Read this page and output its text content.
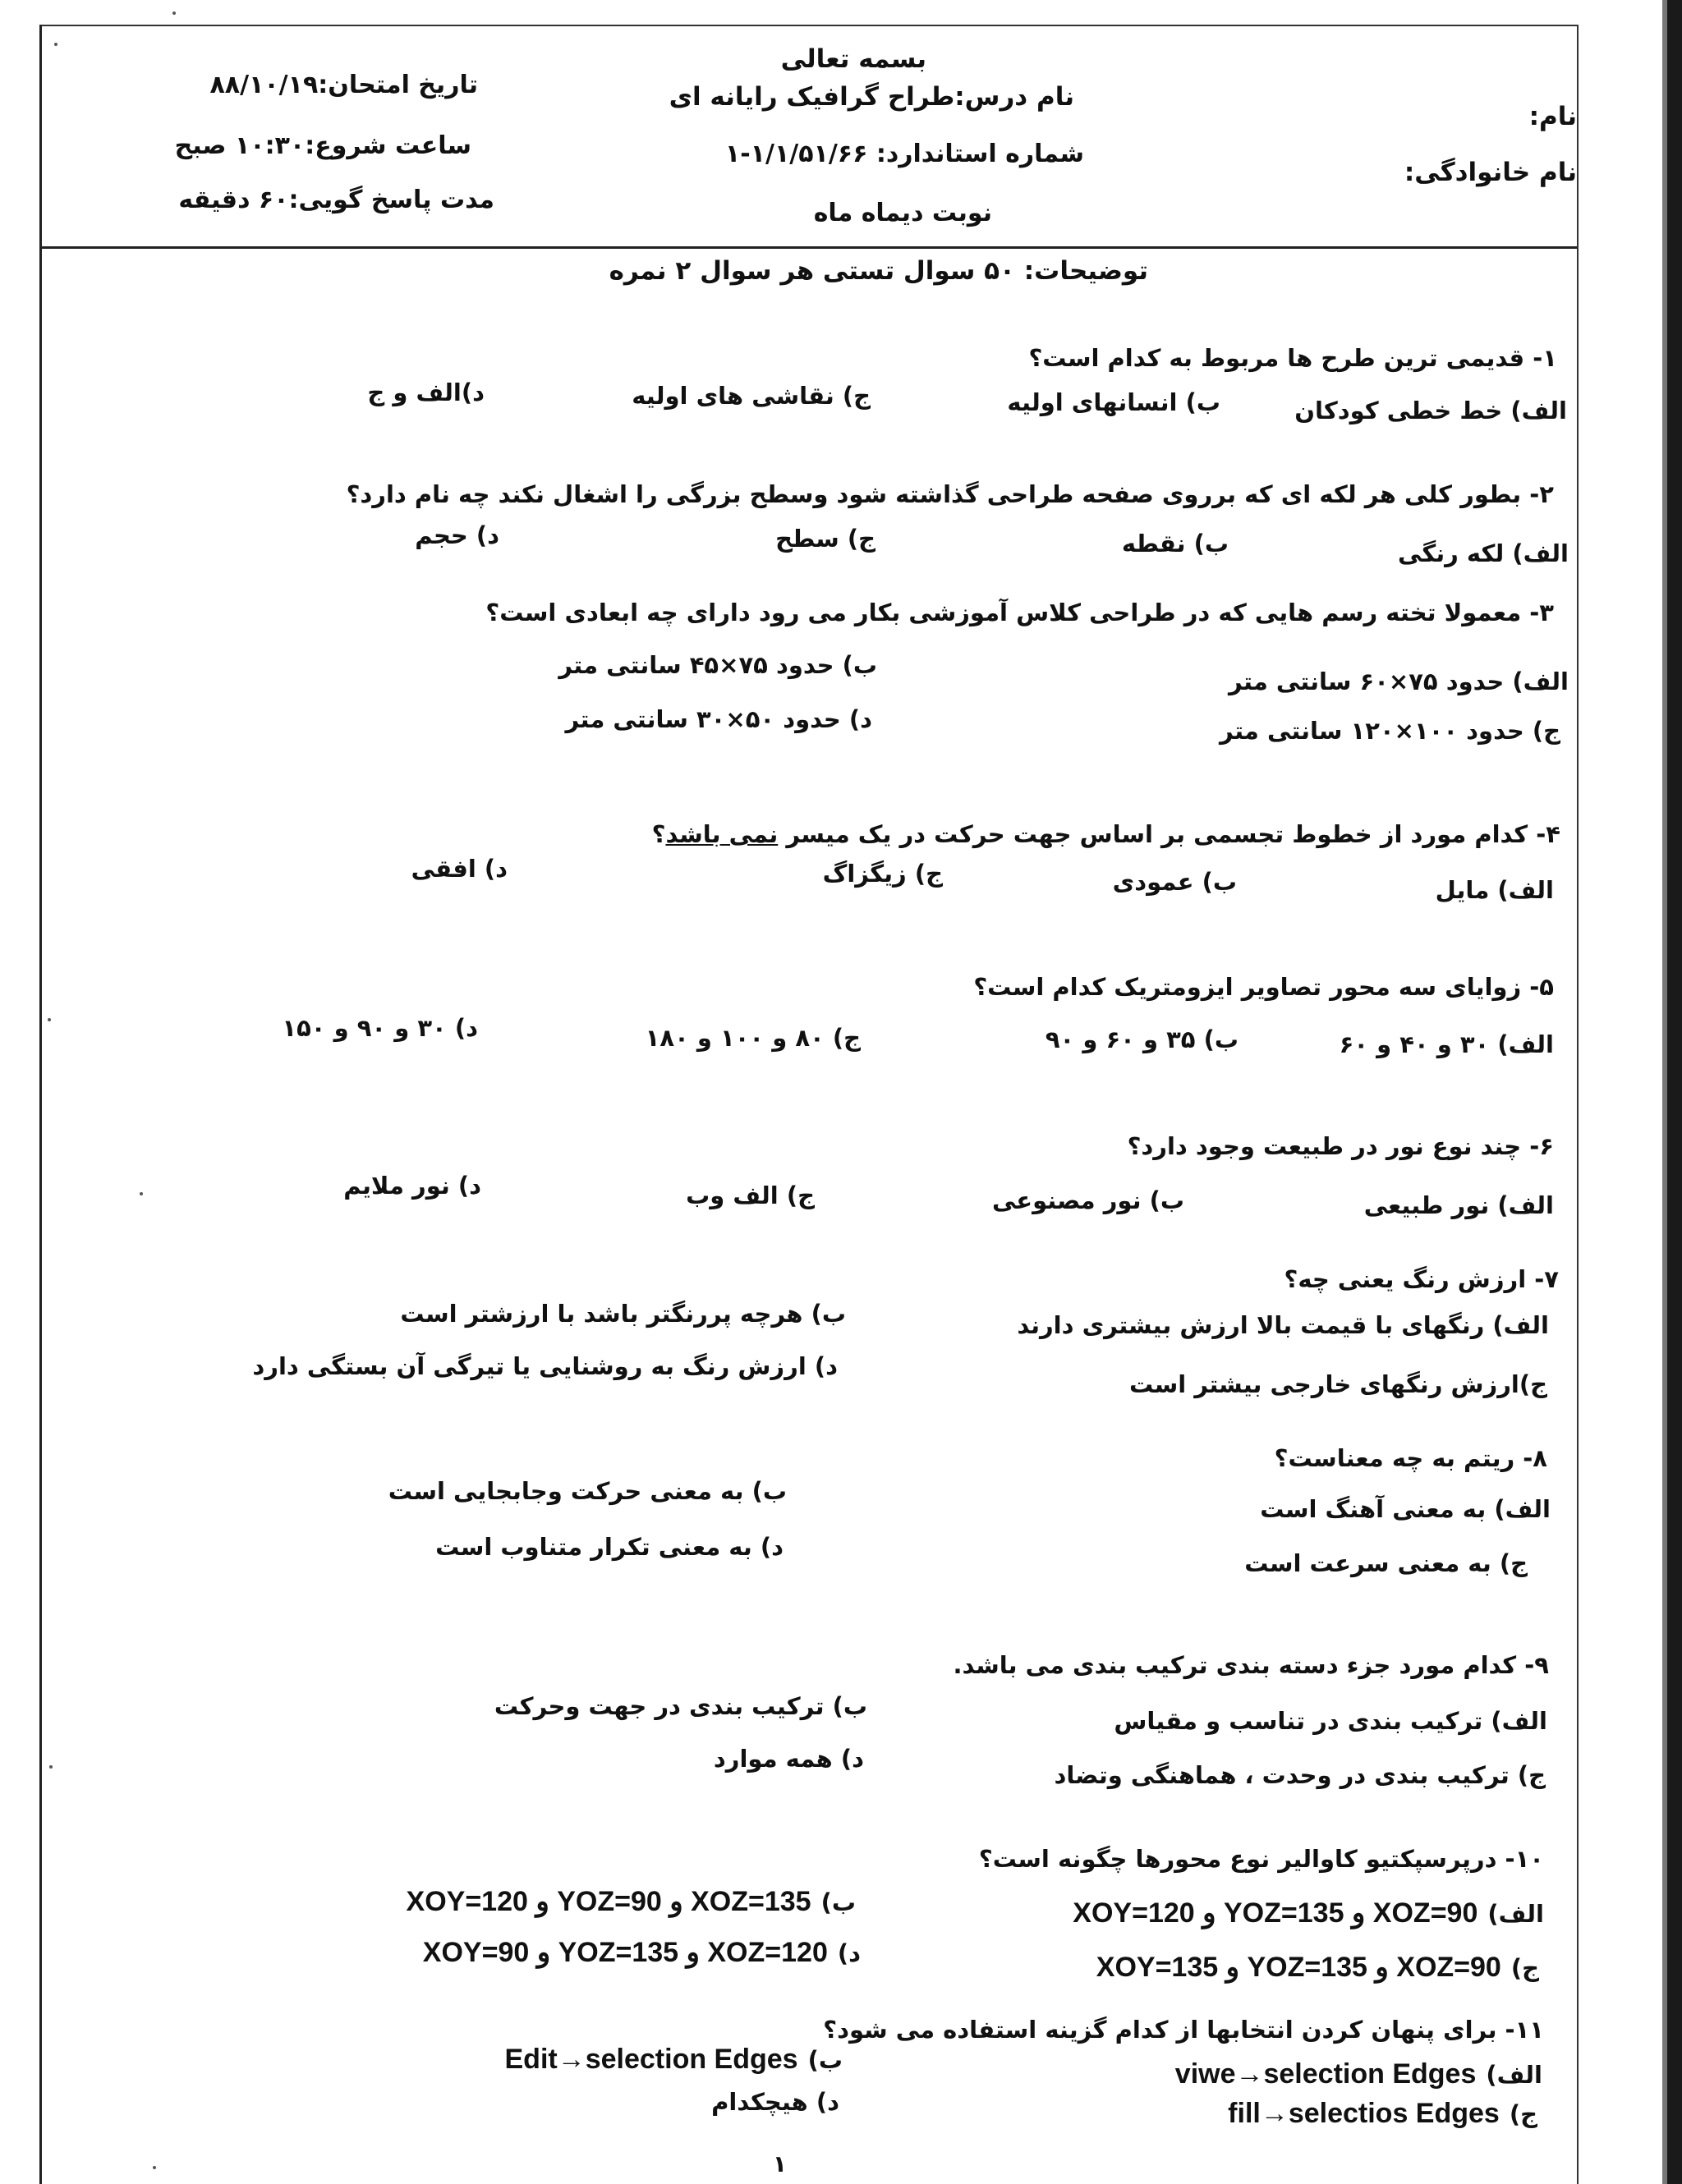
بسمه تعالی
نام درس:طراح گرافیک رایانه ای
شماره استاندارد: ۱/۱/۵۱/۶۶-۱
نوبت دیماه ماه
نام:
نام خانوادگی:
تاریخ امتحان:۸۸/۱۰/۱۹
ساعت شروع:۱۰:۳۰ صبح
مدت پاسخ گویی:۶۰ دقیقه
توضیحات: ۵۰ سوال تستی هر سوال ۲ نمره
۱- قدیمی ترین طرح ها مربوط به کدام است؟
الف) خط خطی کودکان
ب) انسانهای اولیه
ج) نقاشی های اولیه
د)الف و ج
۲- بطور کلی هر لکه ای که برروی صفحه طراحی گذاشته شود وسطح بزرگی را اشغال نکند چه نام دارد؟
الف) لکه رنگی
ب) نقطه
ج) سطح
د) حجم
۳- معمولا تخته رسم هایی که در طراحی کلاس آموزشی بکار می رود دارای چه ابعادی است؟
الف) حدود ۷۵×۶۰ سانتی متر
ب) حدود ۷۵×۴۵ سانتی متر
ج) حدود ۱۰۰×۱۲۰ سانتی متر
د) حدود ۵۰×۳۰ سانتی متر
۴- کدام مورد از خطوط تجسمی بر اساس جهت حرکت در یک میسر نمی باشد؟
الف) مایل
ب) عمودی
ج) زیگزاگ
د) افقی
۵- زوایای سه محور تصاویر ایزومتریک کدام است؟
الف) ۳۰ و ۴۰ و ۶۰
ب) ۳۵ و ۶۰ و ۹۰
ج) ۸۰ و ۱۰۰ و ۱۸۰
د) ۳۰ و ۹۰ و ۱۵۰
۶- چند نوع نور در طبیعت وجود دارد؟
الف) نور طبیعی
ب) نور مصنوعی
ج) الف وب
د) نور ملایم
۷- ارزش رنگ یعنی چه؟
الف) رنگهای با قیمت بالا ارزش بیشتری دارند
ب) هرچه پررنگتر باشد با ارزشتر است
ج)ارزش رنگهای خارجی بیشتر است
د) ارزش رنگ به روشنایی یا تیرگی آن بستگی دارد
۸- ریتم به چه معناست؟
الف) به معنی آهنگ است
ب) به معنی حرکت وجابجایی است
ج) به معنی سرعت است
د) به معنی تکرار متناوب است
۹- کدام مورد جزء دسته بندی ترکیب بندی می باشد.
الف) ترکیب بندی در تناسب و مقیاس
ب) ترکیب بندی در جهت وحرکت
ج) ترکیب بندی در وحدت ، هماهنگی وتضاد
د) همه موارد
۱۰- درپرسپکتیو کاوالیر نوع محورها چگونه است؟
الف)
XOZ=90 و YOZ=135 و XOY=120
ب)
XOZ=135 و YOZ=90 و XOY=120
ج)
XOZ=90 و YOZ=135 و XOY=135
د)
XOZ=120 و YOZ=135 و XOY=90
۱۱- برای پنهان کردن انتخابها از کدام گزینه استفاده می شود؟
الف)
viwe→selection Edges
ب)
Edit→selection Edges
ج)
fill→selectios Edges
د) هیچکدام
۱
